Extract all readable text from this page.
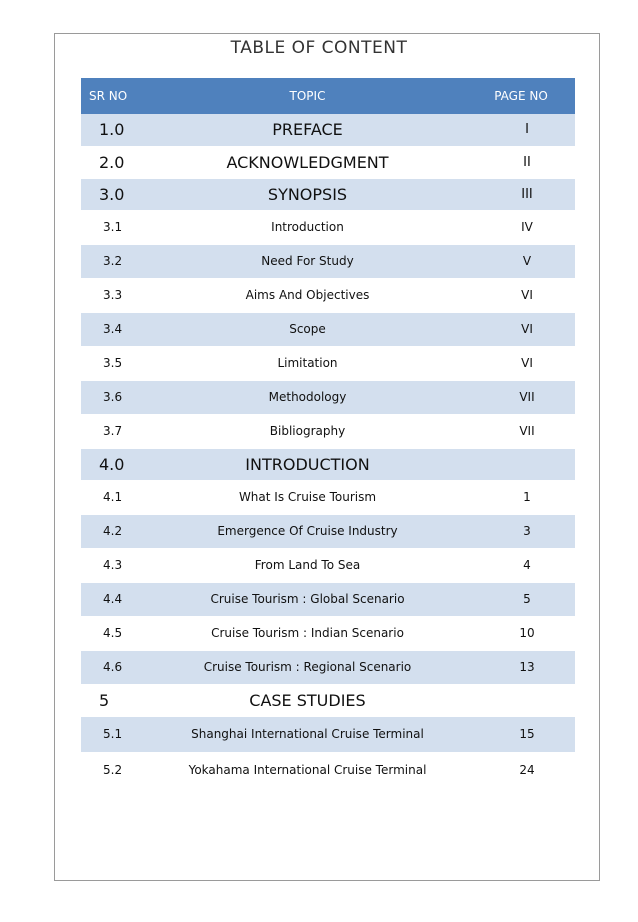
TABLE OF CONTENT
SR NO	TOPIC	PAGE NO
1.0	PREFACE	I
2.0	ACKNOWLEDGMENT	II
3.0	SYNOPSIS	III
3.1	Introduction	IV
3.2	Need For Study	V
3.3	Aims And Objectives	VI
3.4	Scope	VI
3.5	Limitation	VI
3.6	Methodology	VII
3.7	Bibliography	VII
4.0	INTRODUCTION	
4.1	What Is Cruise Tourism	1
4.2	Emergence Of Cruise Industry	3
4.3	From Land To Sea	4
4.4	Cruise Tourism : Global Scenario	5
4.5	Cruise Tourism : Indian Scenario	10
4.6	Cruise Tourism : Regional Scenario	13
5	CASE STUDIES	
5.1	Shanghai International Cruise Terminal	15
5.2	Yokahama International Cruise Terminal	24
